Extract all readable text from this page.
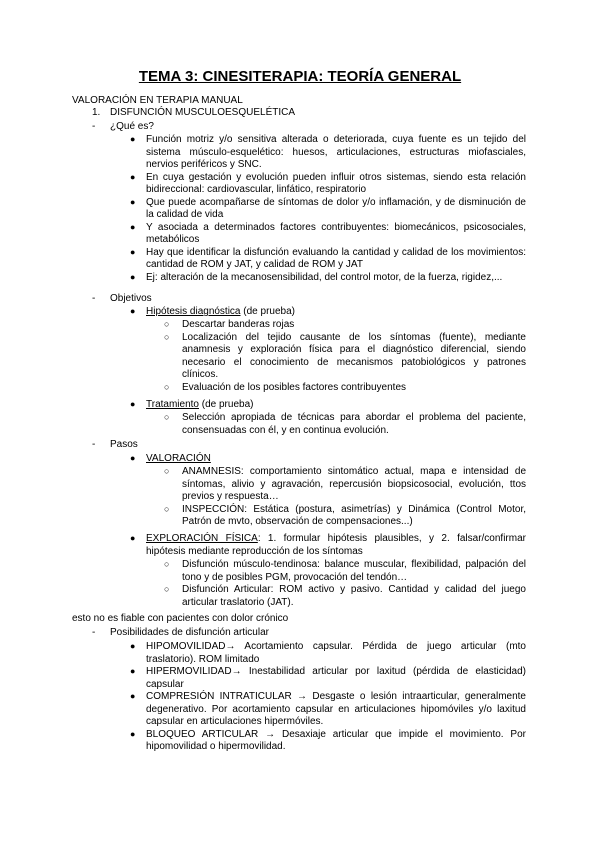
TEMA 3: CINESITERAPIA: TEORÍA GENERAL
VALORACIÓN EN TERAPIA MANUAL
1. DISFUNCIÓN MUSCULOESQUELÉTICA
- ¿Qué es?
● Función motriz y/o sensitiva alterada o deteriorada, cuya fuente es un tejido del
sistema músculo-esquelético: huesos, articulaciones, estructuras miofasciales,
nervios periféricos y SNC.
● En cuya gestación y evolución pueden influir otros sistemas, siendo esta relación
bidireccional: cardiovascular, linfático, respiratorio
● Que puede acompañarse de síntomas de dolor y/o inflamación, y de disminución de
la calidad de vida
● Y asociada a determinados factores contribuyentes: biomecánicos, psicosociales,
metabólicos
● Hay que identificar la disfunción evaluando la cantidad y calidad de los movimientos:
cantidad de ROM y JAT, y calidad de ROM y JAT
● Ej: alteración de la mecanosensibilidad, del control motor, de la fuerza, rigidez,...
- Objetivos
● Hipótesis diagnóstica (de prueba)
○ Descartar banderas rojas
○ Localización del tejido causante de los síntomas (fuente), mediante
anamnesis y exploración física para el diagnóstico diferencial, siendo
necesario el conocimiento de mecanismos patobiológicos y patrones
clínicos.
○ Evaluación de los posibles factores contribuyentes
● Tratamiento (de prueba)
○ Selección apropiada de técnicas para abordar el problema del paciente,
consensuadas con él, y en continua evolución.
- Pasos
● VALORACIÓN
○ ANAMNESIS: comportamiento sintomático actual, mapa e intensidad de
síntomas, alivio y agravación, repercusión biopsicosocial, evolución, ttos
previos y respuesta…
○ INSPECCIÓN: Estática (postura, asimetrías) y Dinámica (Control Motor,
Patrón de mvto, observación de compensaciones...)
● EXPLORACIÓN FÍSICA: 1. formular hipótesis plausibles, y 2. falsar/confirmar
hipótesis mediante reproducción de los síntomas
○ Disfunción músculo-tendinosa: balance muscular, flexibilidad, palpación del
tono y de posibles PGM, provocación del tendón…
○ Disfunción Articular: ROM activo y pasivo. Cantidad y calidad del juego
articular traslatorio (JAT).
esto no es fiable con pacientes con dolor crónico
- Posibilidades de disfunción articular
● HIPOMOVILIDAD→ Acortamiento capsular. Pérdida de juego articular (mto
traslatorio). ROM limitado
● HIPERMOVILIDAD→ Inestabilidad articular por laxitud (pérdida de elasticidad)
capsular
● COMPRESIÓN INTRATICULAR → Desgaste o lesión intraarticular, generalmente
degenerativo. Por acortamiento capsular en articulaciones hipomóviles y/o laxitud
capsular en articulaciones hipermóviles.
● BLOQUEO ARTICULAR → Desaxiaje articular que impide el movimiento. Por
hipomovilidad o hipermovilidad.
